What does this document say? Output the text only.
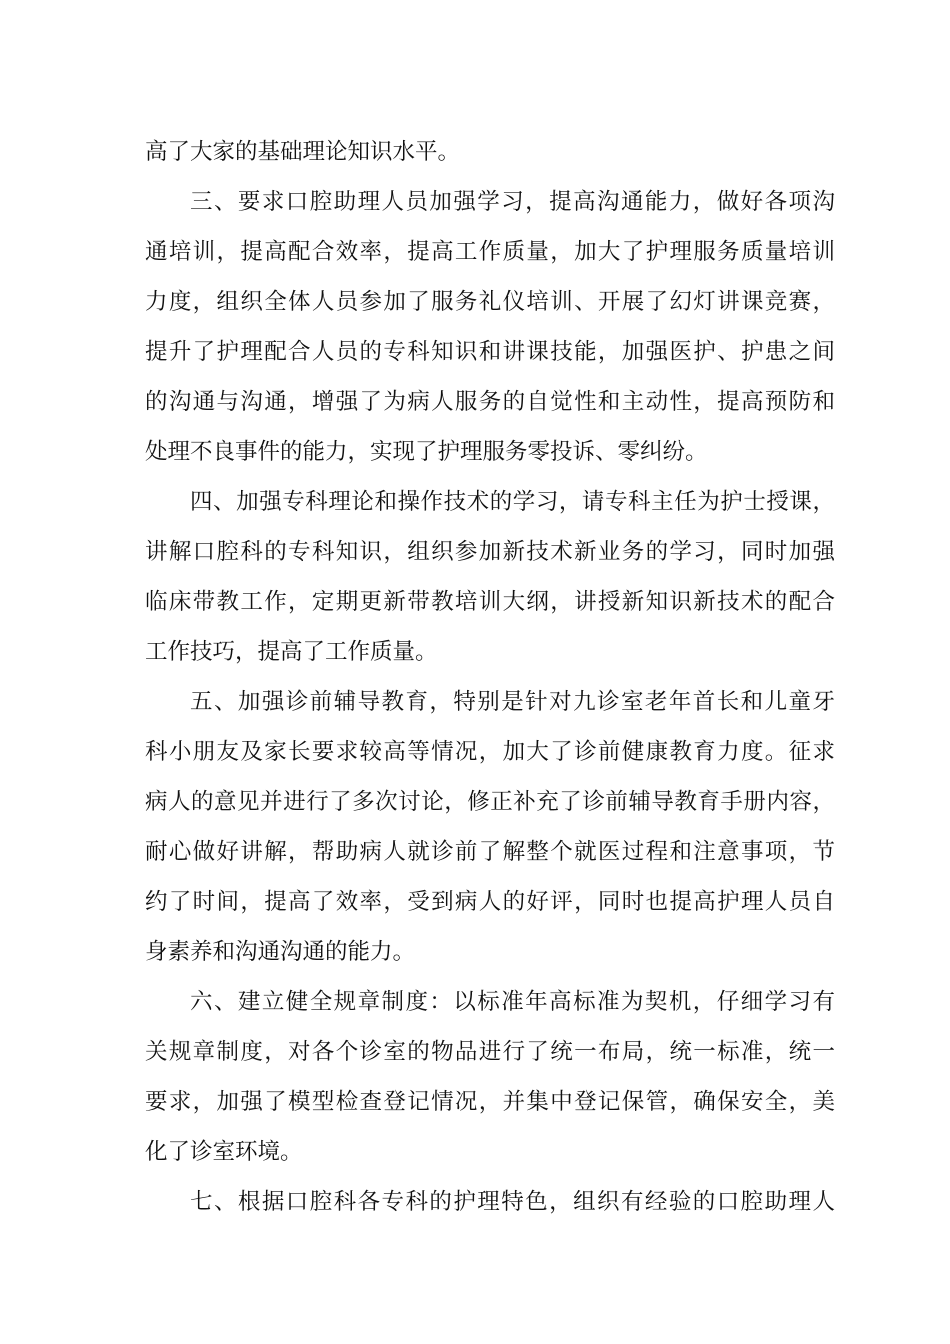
高了大家的基础理论知识水平。
三、要求口腔助理人员加强学习，提高沟通能力，做好各项沟
通培训，提高配合效率，提高工作质量，加大了护理服务质量培训
力度，组织全体人员参加了服务礼仪培训、开展了幻灯讲课竞赛，
提升了护理配合人员的专科知识和讲课技能，加强医护、护患之间
的沟通与沟通，增强了为病人服务的自觉性和主动性，提高预防和
处理不良事件的能力，实现了护理服务零投诉、零纠纷。
四、加强专科理论和操作技术的学习，请专科主任为护士授课，
讲解口腔科的专科知识，组织参加新技术新业务的学习，同时加强
临床带教工作，定期更新带教培训大纲，讲授新知识新技术的配合
工作技巧，提高了工作质量。
五、加强诊前辅导教育，特别是针对九诊室老年首长和儿童牙
科小朋友及家长要求较高等情况，加大了诊前健康教育力度。征求
病人的意见并进行了多次讨论，修正补充了诊前辅导教育手册内容，
耐心做好讲解，帮助病人就诊前了解整个就医过程和注意事项，节
约了时间，提高了效率，受到病人的好评，同时也提高护理人员自
身素养和沟通沟通的能力。
六、建立健全规章制度：以标准年高标准为契机，仔细学习有
关规章制度，对各个诊室的物品进行了统一布局，统一标准，统一
要求，加强了模型检查登记情况，并集中登记保管，确保安全，美
化了诊室环境。
七、根据口腔科各专科的护理特色，组织有经验的口腔助理人
